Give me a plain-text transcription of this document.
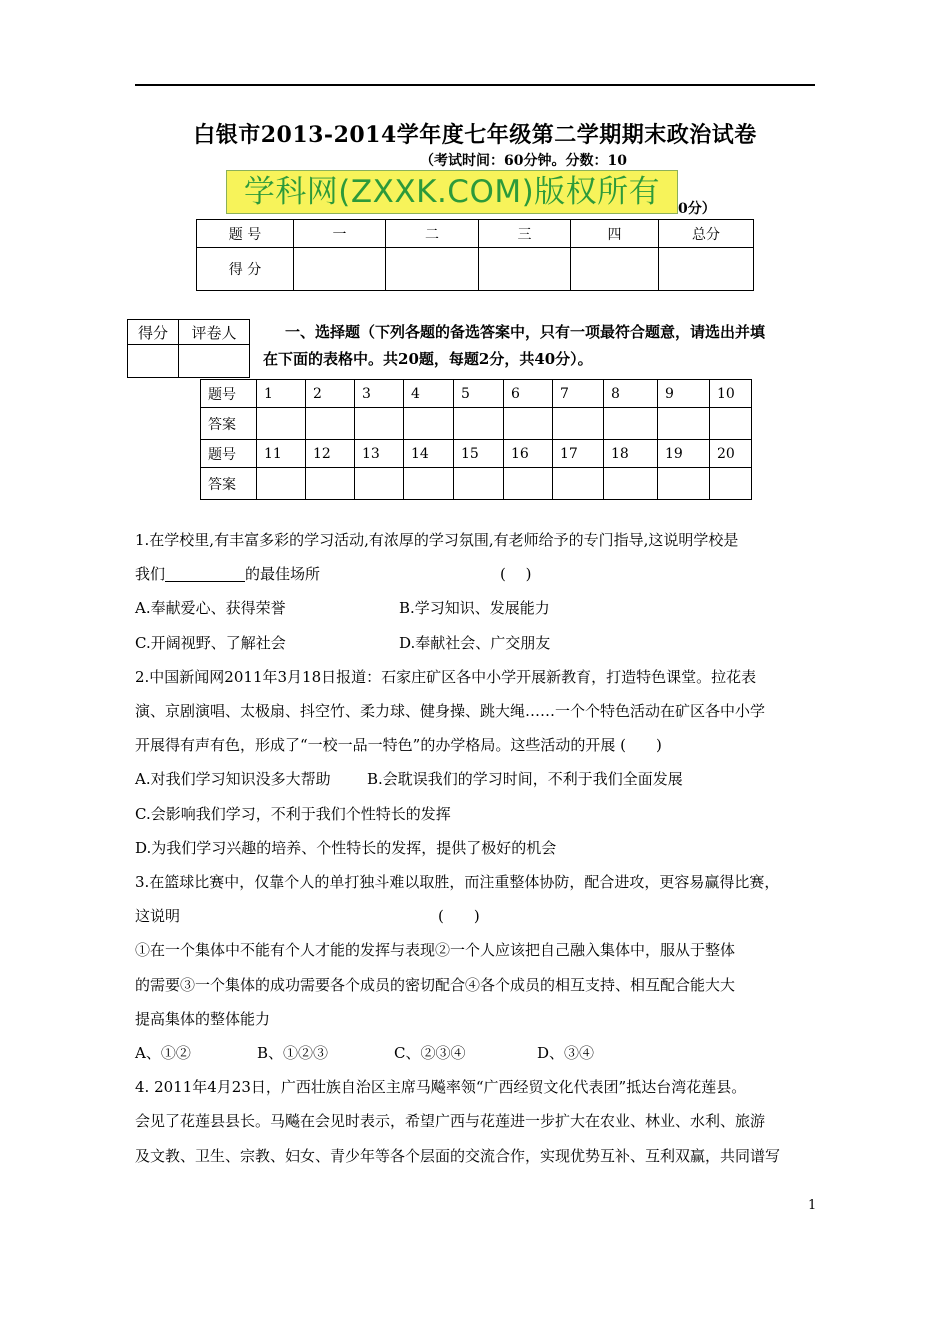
白银市2013-2014学年度七年级第二学期期末政治试卷
（考试时间：60分钟。分数：10
学科网(ZXXK.COM)版权所有	0分）
题 号	一	二	三	四	总分
得 分					
得分	评卷人
		一、选择题（下列各题的备选答案中，只有一项最符合题意，请选出并填
在下面的表格中。共20题，每题2分，共40分）。
题号	1	2	3	4	5	6	7	8	9	10
答案										
题号	11	12	13	14	15	16	17	18	19	20
答案										

1.在学校里,有丰富多彩的学习活动,有浓厚的学习氛围,有老师给予的专门指导,这说明学校是

我们	的最佳场所	(　 )

A.奉献爱心、获得荣誉	B.学习知识、发展能力

C.开阔视野、了解社会	D.奉献社会、广交朋友

2.中国新闻网2011年3月18日报道：石家庄矿区各中小学开展新教育，打造特色课堂。拉花表

演、京剧演唱、太极扇、抖空竹、柔力球、健身操、跳大绳……一个个特色活动在矿区各中小学

开展得有声有色，形成了“一校一品一特色”的办学格局。这些活动的开展 (　　)

A.对我们学习知识没多大帮助 B.会耽误我们的学习时间，不利于我们全面发展

C.会影响我们学习，不利于我们个性特长的发挥

D.为我们学习兴趣的培养、个性特长的发挥，提供了极好的机会

3.在篮球比赛中，仅靠个人的单打独斗难以取胜，而注重整体协防，配合进攻，更容易赢得比赛，

这说明	(　　)

①在一个集体中不能有个人才能的发挥与表现②一个人应该把自己融入集体中，服从于整体

的需要③一个集体的成功需要各个成员的密切配合④各个成员的相互支持、相互配合能大大

提高集体的整体能力

A、①②	B、①②③	C、②③④	D、③④

4. 2011年4月23日，广西壮族自治区主席马飚率领“广西经贸文化代表团”抵达台湾花莲县。

会见了花莲县县长。马飚在会见时表示，希望广西与花莲进一步扩大在农业、林业、水利、旅游

及文教、卫生、宗教、妇女、青少年等各个层面的交流合作，实现优势互补、互利双赢，共同谱写

1
